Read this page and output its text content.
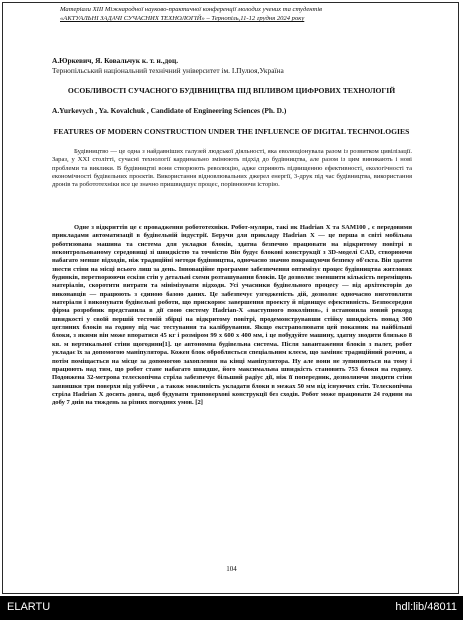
Матеріали XIII Міжнародної науково-практичної конференції молодих учених та студентів
«АКТУАЛЬНІ ЗАДАЧІ СУЧАСНИХ ТЕХНОЛОГІЙ» – Тернопіль,11-12 грудня 2024 року
А.Юркевич, Я. Ковальчук к. т. н.,доц.
Тернопільський національний технічний університет ім. І.Пулюя,Україна
ОСОБЛИВОСТІ СУЧАСНОГО БУДІВНИЦТВА ПІД ВПЛИВОМ ЦИФРОВИХ ТЕХНОЛОГІЙ
A.Yurkevych , Ya. Kovalchuk , Candidate of Engineering Sciences (Ph. D.)
FEATURES OF MODERN CONSTRUCTION UNDER THE INFLUENCE OF DIGITAL TECHNOLOGIES

Будівництво — це одна з найдавніших галузей людської діяльності, яка еволюціонувала разом із розвитком цивілізації. Зараз, у XXI столітті, сучасні технології кардинально змінюють підхід до будівництва, але разом із цим виникають і нові проблеми та виклики. В будівництві вони створюють революцію, адже сприяють підвищенню ефективності, екологічності та економічності будівельних проєктів. Використання відновлювальних джерел енергії, 3-друк під час будівництва, використання дронів та робототехніки все це значно пришвидшує процес, порівнюючи історію.

Одне з відкриттів це є провадження робототехніки. Робот-муляри, такі як Hadrian X та SAM100 , є передовими прикладами автоматизації в будівельній індустрії. Беручи для прикладу Hadrian X — це перша в світі мобільна роботизована машина та система для укладки блоків, здатна безпечно працювати на відкритому повітрі в неконтрольованому середовищі зі швидкістю та точністю Він будує блокові конструкції з 3D-моделі CAD, створюючи набагато менше відходів, ніж традиційні методи будівництва, одночасно значно покращуючи безпеку об'єкта. Він здатен звести стіни на місці всього лиш за день. Інноваційне програмне забезпечення оптимізує процес будівництва житлових будинків, перетворюючи ескізи стін у детальні схеми розташування блоків. Це дозволяє зменшити кількість переміщень матеріалів, скоротити витрати та мінімізувати відходи. Усі учасники будівельного процесу — від архітекторів до виконавців — працюють з єдиною базою даних. Це забезпечує узгодженість дій, дозволяє одночасно виготовляти матеріали і виконувати будівельні роботи, що прискорює завершення проекту й підвищує ефективність. Безпосередня фірма розробник представила в дії свою систему Hadrian-X «наступного покоління», і встановила новий рекорд швидкості у своїй першій тестовій збірці на відкритому повітрі, продемонструвавши стійку швидкість понад 300 цеглиних блоків на годину під час тестування та калібрування. Якщо екстраполювати цей показник на найбільші блоки, з якими він може впоратися 45 кг і розміром 99 х 600 х 400 мм, і це побудуйте машину, здатну зводити близько 8 кв. м вертикальної стіни щогодини[1]. це автономна будівельна система. Після завантаження блоків з палет, робот укладає їх за допомогою маніпулятора. Кожен блок обробляється спеціальним клеєм, що заміняє традиційний розчин, а потім поміщається на місце за допомогою захоплення на кінці маніпулятора. Ну але вони не зупиняються на тому і працюють над тим, що робот стане набагато швидше, його максимальна швидкість становить 753 блоки на годину. Подовжена 32-метрова телескопічна стріла забезпечує більший радіус дії, ніж її попередник, дозволяючи зводити стіни заввишки три поверхи від узбіччя , а також можливість укладати блоки в межах 50 мм від існуючих стін. Телескопічна стріла Hadrian X досить довга, щоб будувати триповерхові конструкції без сходів. Робот може працювати 24 години на добу 7 днів на тиждень за різних погодних умов. [2]

104
ELARTU	hdl:lib/48011
